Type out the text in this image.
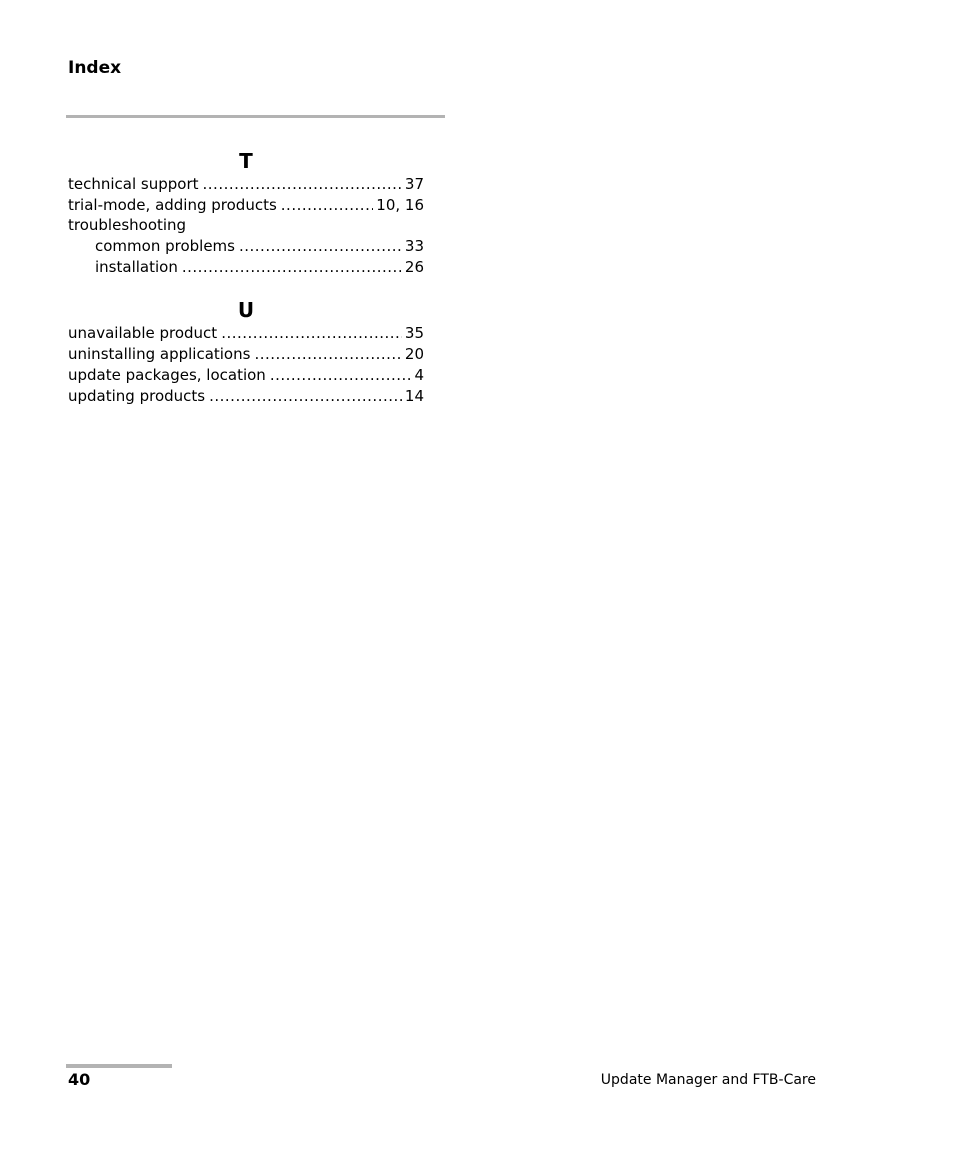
Index
T
technical support .....	37
trial-mode, adding products .....	10, 16
troubleshooting
common problems .....	33
installation .....	26
U
unavailable product .....	35
uninstalling applications .....	20
update packages, location .....	4
updating products .....	14
40	Update Manager and FTB-Care
